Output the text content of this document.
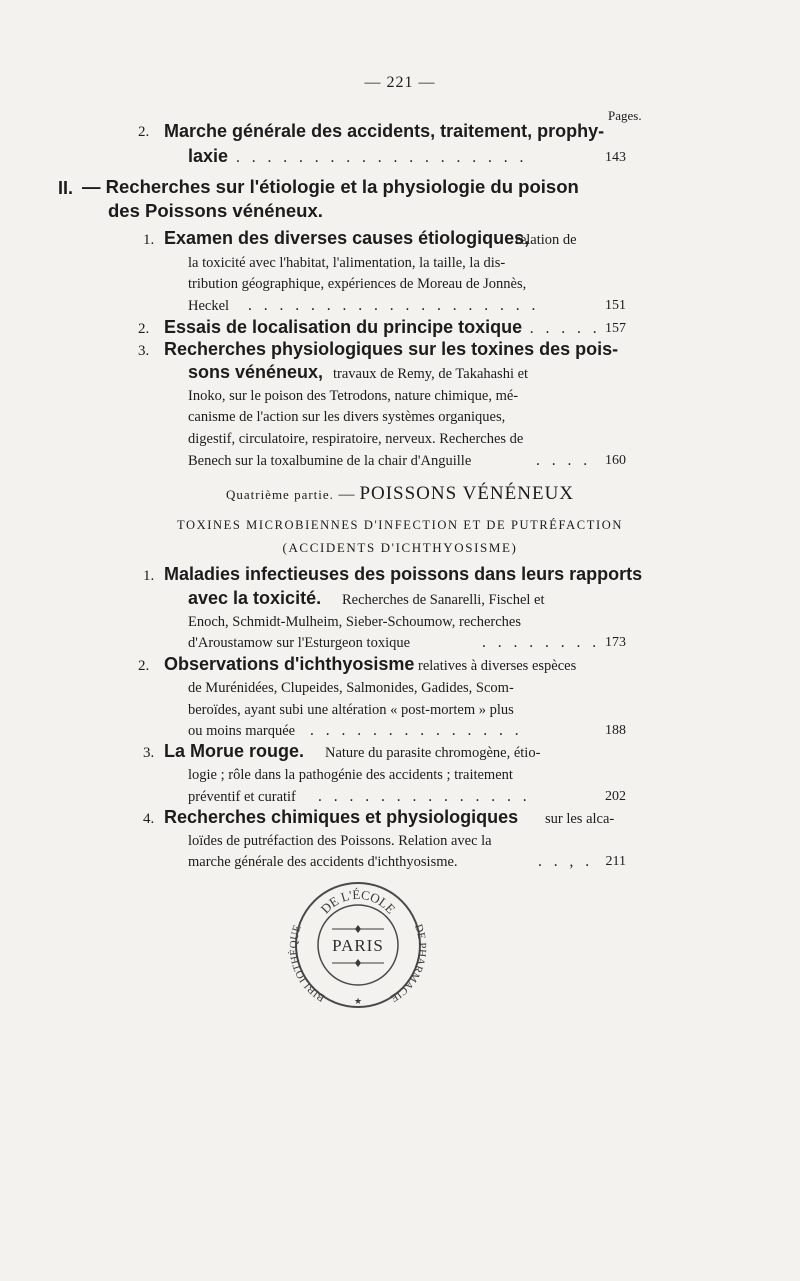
— 221 —
Pages.
2. Marche générale des accidents, traitement, prophy-
laxie . . . . . . . . . . . . . . . . . . .	143
II. — Recherches sur l'étiologie et la physiologie du poison
des Poissons vénéneux.
1. Examen des diverses causes étiologiques,
relation de
la toxicité avec l'habitat, l'alimentation, la taille, la dis-
tribution géographique, expériences de Moreau de Jonnès,
Heckel . . . . . . . . . . . . . . . . . . .	151
2. Essais de localisation du principe toxique
. . . . . . 157
3. Recherches physiologiques sur les toxines des pois-
sons vénéneux, travaux de Remy, de Takahashi et
Inoko, sur le poison des Tetrodons, nature chimique, mé-
canisme de l'action sur les divers systèmes organiques,
digestif, circulatoire, respiratoire, nerveux. Recherches de
Benech sur la toxalbumine de la chair d'Anguille	. . . . 160
Quatrième partie. — POISSONS VÉNÉNEUX
TOXINES MICROBIENNES D'INFECTION ET DE PUTRÉFACTION
(ACCIDENTS D'ICHTHYOSISME)
1. Maladies infectieuses des poissons dans leurs rapports
avec la toxicité. Recherches de Sanarelli, Fischel et
Enoch, Schmidt-Mulheim, Sieber-Schoumow, recherches
d'Aroustamow sur l'Esturgeon toxique	. . . . . . . . 173
2. Observations d'ichthyosisme relatives à diverses espèces
de Murénidées, Clupeides, Salmonides, Gadides, Scom-
beroïdes, ayant subi une altération « post-mortem » plus
ou moins marquée . . . . . . . . . . . . . .	188
3. La Morue rouge. Nature du parasite chromogène, étio-
logie ; rôle dans la pathogénie des accidents ; traitement
préventif et curatif . . . . . . . . . . . . . .	202
4. Recherches chimiques et physiologiques sur les alca-
loïdes de putréfaction des Poissons. Relation avec la
marche générale des accidents d'ichthyosisme.	. . , . 211
DE L'ÉCOLE
BIBLIOTHÈQUE	DE PHARMACIE
PARIS
★
